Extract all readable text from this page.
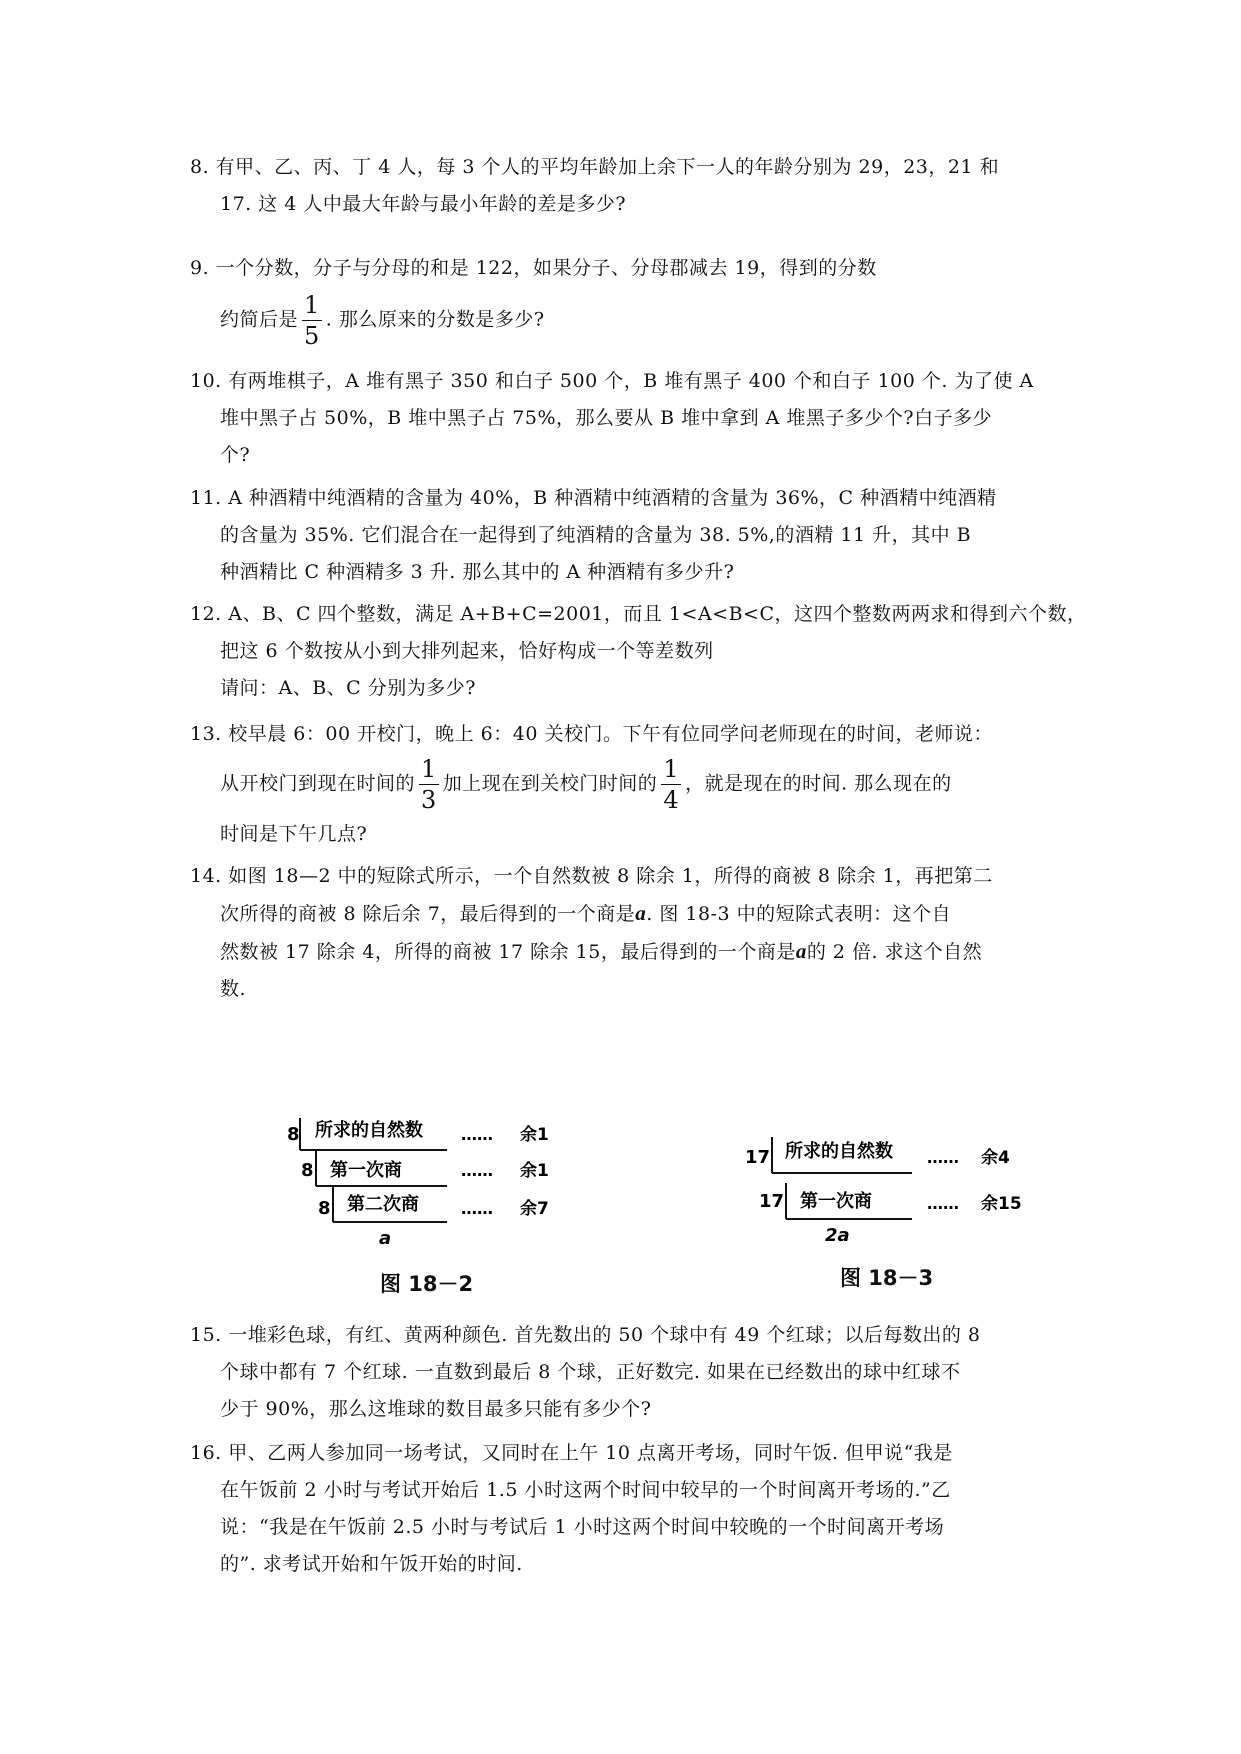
8. 有甲、乙、丙、丁 4 人，每 3 个人的平均年龄加上余下一人的年龄分别为 29，23，21 和
17. 这 4 人中最大年龄与最小年龄的差是多少?
9. 一个分数，分子与分母的和是 122，如果分子、分母郡减去 19，得到的分数
约简后是 $\frac{1}{5}$ . 那么原来的分数是多少?
10. 有两堆棋子，A 堆有黑子 350 和白子 500 个，B 堆有黑子 400 个和白子 100 个. 为了使 A
堆中黑子占 50%，B 堆中黑子占 75%，那么要从 B 堆中拿到 A 堆黑子多少个?白子多少
个?
11. A 种酒精中纯酒精的含量为 40%，B 种酒精中纯酒精的含量为 36%，C 种酒精中纯酒精
的含量为 35%. 它们混合在一起得到了纯酒精的含量为 38. 5%,的酒精 11 升，其中 B
种酒精比 C 种酒精多 3 升. 那么其中的 A 种酒精有多少升?
12. A、B、C 四个整数，满足 A+B+C=2001，而且 1<A<B<C，这四个整数两两求和得到六个数，
把这 6 个数按从小到大排列起来，恰好构成一个等差数列
请问：A、B、C 分别为多少?
13. 校早晨 6：00 开校门，晚上 6：40 关校门。下午有位同学问老师现在的时间，老师说：
从开校门到现在时间的 $\frac{1}{3}$ 加上现在到关校门时间的 $\frac{1}{4}$ ，就是现在的时间. 那么现在的
时间是下午几点?
14. 如图 18—2 中的短除式所示，一个自然数被 8 除余 1，所得的商被 8 除余 1，再把第二
次所得的商被 8 除后余 7，最后得到的一个商是a. 图 18-3 中的短除式表明：这个自
然数被 17 除余 4，所得的商被 17 除余 15，最后得到的一个商是a的 2 倍. 求这个自然
数.
8 所求的自然数 …… 余1
8 第一次商	…… 余1
8 第二次商	…… 余7
a
图 18－2
17 所求的自然数 …… 余4
17 第一次商	…… 余15
2a
图 18－3
15. 一堆彩色球，有红、黄两种颜色. 首先数出的 50 个球中有 49 个红球；以后每数出的 8
个球中都有 7 个红球. 一直数到最后 8 个球，正好数完. 如果在已经数出的球中红球不
少于 90%，那么这堆球的数目最多只能有多少个?
16. 甲、乙两人参加同一场考试，又同时在上午 10 点离开考场，同时午饭. 但甲说“我是
在午饭前 2 小时与考试开始后 1.5 小时这两个时间中较早的一个时间离开考场的.”乙
说：“我是在午饭前 2.5 小时与考试后 1 小时这两个时间中较晚的一个时间离开考场
的”. 求考试开始和午饭开始的时间.
